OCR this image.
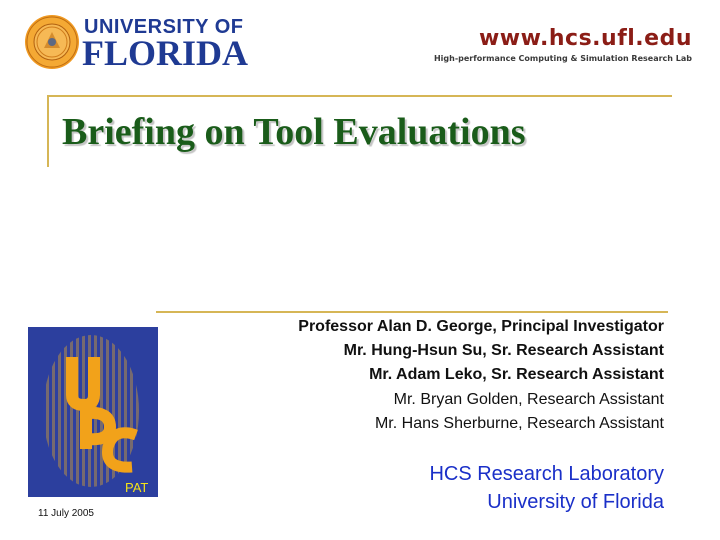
UNIVERSITY OF
FLORIDA	www.hcs.ufl.edu
High-performance Computing & Simulation Research Lab
Briefing on Tool Evaluations
Professor Alan D. George, Principal Investigator
Mr. Hung-Hsun Su, Sr. Research Assistant
Mr. Adam Leko, Sr. Research Assistant
Mr. Bryan Golden, Research Assistant
Mr. Hans Sherburne, Research Assistant
HCS Research Laboratory
University of Florida
PAT
11 July 2005
